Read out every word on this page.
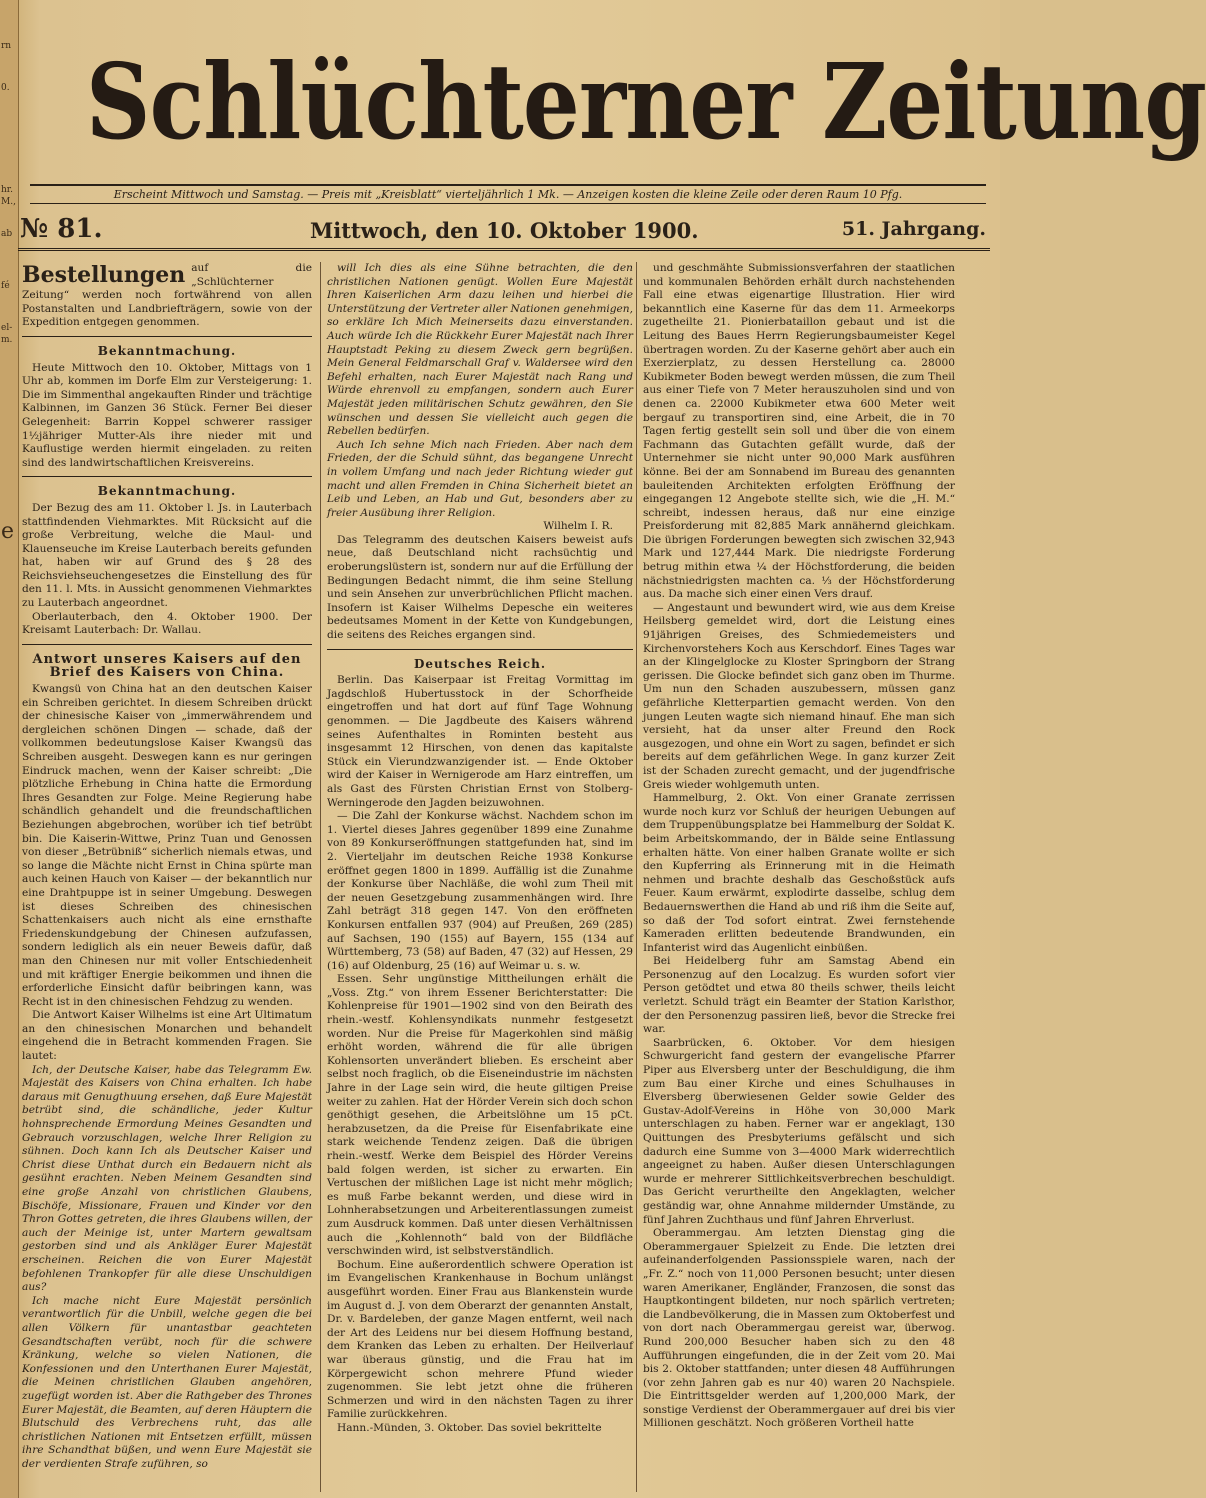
rn
0.
hr.
M.,
ab
fé
el-
m.
e
Schlüchterner Zeitung
Erscheint Mittwoch und Samstag. — Preis mit „Kreisblatt“ vierteljährlich 1 Mk. — Anzeigen kosten die kleine Zeile oder deren Raum 10 Pfg.
№ 81.	Mittwoch, den 10. Oktober 1900.	51. Jahrgang.
Bestellungen auf die „Schlüchterner Zeitung“ werden noch fortwährend von allen Postanstalten und Landbriefträgern, sowie von der Expedition entgegen genommen.
Bekanntmachung.

Heute Mittwoch den 10. Oktober, Mittags von 1 Uhr ab, kommen im Dorfe Elm zur Versteigerung: 1. Die im Simmenthal angekauften Rinder und trächtige Kalbinnen, im Ganzen 36 Stück. Ferner Bei dieser Gelegenheit: Barrin Koppel schwerer rassiger 1½jähriger Mutter-Als ihre nieder mit und Kauflustige werden hiermit eingeladen. zu reiten sind des landwirtschaftlichen Kreisvereins.

Bekanntmachung.

Der Bezug des am 11. Oktober l. Js. in Lauterbach stattfindenden Viehmarktes. Mit Rücksicht auf die große Verbreitung, welche die Maul- und Klauenseuche im Kreise Lauterbach bereits gefunden hat, haben wir auf Grund des § 28 des Reichsviehseuchengesetzes die Einstellung des für den 11. l. Mts. in Aussicht genommenen Viehmarktes zu Lauterbach angeordnet.

Oberlauterbach, den 4. Oktober 1900. Der Kreisamt Lauterbach: Dr. Wallau.

Antwort unseres Kaisers auf den Brief des Kaisers von China.

Kwangsü von China hat an den deutschen Kaiser ein Schreiben gerichtet. In diesem Schreiben drückt der chinesische Kaiser von „immerwährendem und dergleichen schönen Dingen — schade, daß der vollkommen bedeutungslose Kaiser Kwangsü das Schreiben ausgeht. Deswegen kann es nur geringen Eindruck machen, wenn der Kaiser schreibt: „Die plötzliche Erhebung in China hatte die Ermordung Ihres Gesandten zur Folge. Meine Regierung habe schändlich gehandelt und die freundschaftlichen Beziehungen abgebrochen, worüber ich tief betrübt bin. Die Kaiserin-Wittwe, Prinz Tuan und Genossen von dieser „Betrübniß“ sicherlich niemals etwas, und so lange die Mächte nicht Ernst in China spürte man auch keinen Hauch von Kaiser — der bekanntlich nur eine Drahtpuppe ist in seiner Umgebung. Deswegen ist dieses Schreiben des chinesischen Schattenkaisers auch nicht als eine ernsthafte Friedenskundgebung der Chinesen aufzufassen, sondern lediglich als ein neuer Beweis dafür, daß man den Chinesen nur mit voller Entschiedenheit und mit kräftiger Energie beikommen und ihnen die erforderliche Einsicht dafür beibringen kann, was Recht ist in den chinesischen Fehdzug zu wenden.

Die Antwort Kaiser Wilhelms ist eine Art Ultimatum an den chinesischen Monarchen und behandelt eingehend die in Betracht kommenden Fragen. Sie lautet:

Ich, der Deutsche Kaiser, habe das Telegramm Ew. Majestät des Kaisers von China erhalten. Ich habe daraus mit Genugthuung ersehen, daß Eure Majestät betrübt sind, die schändliche, jeder Kultur hohnsprechende Ermordung Meines Gesandten und Gebrauch vorzuschlagen, welche Ihrer Religion zu sühnen. Doch kann Ich als Deutscher Kaiser und Christ diese Unthat durch ein Bedauern nicht als gesühnt erachten. Neben Meinem Gesandten sind eine große Anzahl von christlichen Glaubens, Bischöfe, Missionare, Frauen und Kinder vor den Thron Gottes getreten, die ihres Glaubens willen, der auch der Meinige ist, unter Martern gewaltsam gestorben sind und als Ankläger Eurer Majestät erscheinen. Reichen die von Eurer Majestät befohlenen Trankopfer für alle diese Unschuldigen aus?

Ich mache nicht Eure Majestät persönlich verantwortlich für die Unbill, welche gegen die bei allen Völkern für unantastbar geachteten Gesandtschaften verübt, noch für die schwere Kränkung, welche so vielen Nationen, die Konfessionen und den Unterthanen Eurer Majestät, die Meinen christlichen Glauben angehören, zugefügt worden ist. Aber die Rathgeber des Thrones Eurer Majestät, die Beamten, auf deren Häuptern die Blutschuld des Verbrechens ruht, das alle christlichen Nationen mit Entsetzen erfüllt, müssen ihre Schandthat büßen, und wenn Eure Majestät sie der verdienten Strafe zuführen, so

will Ich dies als eine Sühne betrachten, die den christlichen Nationen genügt. Wollen Eure Majestät Ihren Kaiserlichen Arm dazu leihen und hierbei die Unterstützung der Vertreter aller Nationen genehmigen, so erkläre Ich Mich Meinerseits dazu einverstanden. Auch würde Ich die Rückkehr Eurer Majestät nach Ihrer Hauptstadt Peking zu diesem Zweck gern begrüßen. Mein General Feldmarschall Graf v. Waldersee wird den Befehl erhalten, nach Eurer Majestät nach Rang und Würde ehrenvoll zu empfangen, sondern auch Eurer Majestät jeden militärischen Schutz gewähren, den Sie wünschen und dessen Sie vielleicht auch gegen die Rebellen bedürfen.

Auch Ich sehne Mich nach Frieden. Aber nach dem Frieden, der die Schuld sühnt, das begangene Unrecht in vollem Umfang und nach jeder Richtung wieder gut macht und allen Fremden in China Sicherheit bietet an Leib und Leben, an Hab und Gut, besonders aber zu freier Ausübung ihrer Religion.

Wilhelm I. R.

Das Telegramm des deutschen Kaisers beweist aufs neue, daß Deutschland nicht rachsüchtig und eroberungslüstern ist, sondern nur auf die Erfüllung der Bedingungen Bedacht nimmt, die ihm seine Stellung und sein Ansehen zur unverbrüchlichen Pflicht machen. Insofern ist Kaiser Wilhelms Depesche ein weiteres bedeutsames Moment in der Kette von Kundgebungen, die seitens des Reiches ergangen sind.

Deutsches Reich.

Berlin. Das Kaiserpaar ist Freitag Vormittag im Jagdschloß Hubertusstock in der Schorfheide eingetroffen und hat dort auf fünf Tage Wohnung genommen. — Die Jagdbeute des Kaisers während seines Aufenthaltes in Rominten besteht aus insgesammt 12 Hirschen, von denen das kapitalste Stück ein Vierundzwanzigender ist. — Ende Oktober wird der Kaiser in Wernigerode am Harz eintreffen, um als Gast des Fürsten Christian Ernst von Stolberg-Werningerode den Jagden beizuwohnen.

— Die Zahl der Konkurse wächst. Nachdem schon im 1. Viertel dieses Jahres gegenüber 1899 eine Zunahme von 89 Konkurseröffnungen stattgefunden hat, sind im 2. Vierteljahr im deutschen Reiche 1938 Konkurse eröffnet gegen 1800 in 1899. Auffällig ist die Zunahme der Konkurse über Nachläße, die wohl zum Theil mit der neuen Gesetzgebung zusammenhängen wird. Ihre Zahl beträgt 318 gegen 147. Von den eröffneten Konkursen entfallen 937 (904) auf Preußen, 269 (285) auf Sachsen, 190 (155) auf Bayern, 155 (134 auf Württemberg, 73 (58) auf Baden, 47 (32) auf Hessen, 29 (16) auf Oldenburg, 25 (16) auf Weimar u. s. w.

Essen. Sehr ungünstige Mittheilungen erhält die „Voss. Ztg.“ von ihrem Essener Berichterstatter: Die Kohlenpreise für 1901—1902 sind von den Beirath des rhein.-westf. Kohlensyndikats nunmehr festgesetzt worden. Nur die Preise für Magerkohlen sind mäßig erhöht worden, während die für alle übrigen Kohlensorten unverändert blieben. Es erscheint aber selbst noch fraglich, ob die Eiseneindustrie im nächsten Jahre in der Lage sein wird, die heute giltigen Preise weiter zu zahlen. Hat der Hörder Verein sich doch schon genöthigt gesehen, die Arbeitslöhne um 15 pCt. herabzusetzen, da die Preise für Eisenfabrikate eine stark weichende Tendenz zeigen. Daß die übrigen rhein.-westf. Werke dem Beispiel des Hörder Vereins bald folgen werden, ist sicher zu erwarten. Ein Vertuschen der mißlichen Lage ist nicht mehr möglich; es muß Farbe bekannt werden, und diese wird in Lohnherabsetzungen und Arbeiterentlassungen zumeist zum Ausdruck kommen. Daß unter diesen Verhältnissen auch die „Kohlennoth“ bald von der Bildfläche verschwinden wird, ist selbstverständlich.

Bochum. Eine außerordentlich schwere Operation ist im Evangelischen Krankenhause in Bochum unlängst ausgeführt worden. Einer Frau aus Blankenstein wurde im August d. J. von dem Oberarzt der genannten Anstalt, Dr. v. Bardeleben, der ganze Magen entfernt, weil nach der Art des Leidens nur bei diesem Hoffnung bestand, dem Kranken das Leben zu erhalten. Der Heilverlauf war überaus günstig, und die Frau hat im Körpergewicht schon mehrere Pfund wieder zugenommen. Sie lebt jetzt ohne die früheren Schmerzen und wird in den nächsten Tagen zu ihrer Familie zurückkehren.

Hann.-Münden, 3. Oktober. Das soviel bekrittelte

und geschmähte Submissionsverfahren der staatlichen und kommunalen Behörden erhält durch nachstehenden Fall eine etwas eigenartige Illustration. Hier wird bekanntlich eine Kaserne für das dem 11. Armeekorps zugetheilte 21. Pionierbataillon gebaut und ist die Leitung des Baues Herrn Regierungsbaumeister Kegel übertragen worden. Zu der Kaserne gehört aber auch ein Exerzierplatz, zu dessen Herstellung ca. 28000 Kubikmeter Boden bewegt werden müssen, die zum Theil aus einer Tiefe von 7 Meter herauszuholen sind und von denen ca. 22000 Kubikmeter etwa 600 Meter weit bergauf zu transportiren sind, eine Arbeit, die in 70 Tagen fertig gestellt sein soll und über die von einem Fachmann das Gutachten gefällt wurde, daß der Unternehmer sie nicht unter 90,000 Mark ausführen könne. Bei der am Sonnabend im Bureau des genannten bauleitenden Architekten erfolgten Eröffnung der eingegangen 12 Angebote stellte sich, wie die „H. M.“ schreibt, indessen heraus, daß nur eine einzige Preisforderung mit 82,885 Mark annähernd gleichkam. Die übrigen Forderungen bewegten sich zwischen 32,943 Mark und 127,444 Mark. Die niedrigste Forderung betrug mithin etwa ¼ der Höchstforderung, die beiden nächstniedrigsten machten ca. ⅓ der Höchstforderung aus. Da mache sich einer einen Vers drauf.

— Angestaunt und bewundert wird, wie aus dem Kreise Heilsberg gemeldet wird, dort die Leistung eines 91jährigen Greises, des Schmiedemeisters und Kirchenvorstehers Koch aus Kerschdorf. Eines Tages war an der Klingelglocke zu Kloster Springborn der Strang gerissen. Die Glocke befindet sich ganz oben im Thurme. Um nun den Schaden auszubessern, müssen ganz gefährliche Kletterpartien gemacht werden. Von den jungen Leuten wagte sich niemand hinauf. Ehe man sich versieht, hat da unser alter Freund den Rock ausgezogen, und ohne ein Wort zu sagen, befindet er sich bereits auf dem gefährlichen Wege. In ganz kurzer Zeit ist der Schaden zurecht gemacht, und der jugendfrische Greis wieder wohlgemuth unten.

Hammelburg, 2. Okt. Von einer Granate zerrissen wurde noch kurz vor Schluß der heurigen Uebungen auf dem Truppenübungsplatze bei Hammelburg der Soldat K. beim Arbeitskommando, der in Bälde seine Entlassung erhalten hätte. Von einer halben Granate wollte er sich den Kupferring als Erinnerung mit in die Heimath nehmen und brachte deshalb das Geschoßstück aufs Feuer. Kaum erwärmt, explodirte dasselbe, schlug dem Bedauernswerthen die Hand ab und riß ihm die Seite auf, so daß der Tod sofort eintrat. Zwei fernstehende Kameraden erlitten bedeutende Brandwunden, ein Infanterist wird das Augenlicht einbüßen.

Bei Heidelberg fuhr am Samstag Abend ein Personenzug auf den Localzug. Es wurden sofort vier Person getödtet und etwa 80 theils schwer, theils leicht verletzt. Schuld trägt ein Beamter der Station Karlsthor, der den Personenzug passiren ließ, bevor die Strecke frei war.

Saarbrücken, 6. Oktober. Vor dem hiesigen Schwurgericht fand gestern der evangelische Pfarrer Piper aus Elversberg unter der Beschuldigung, die ihm zum Bau einer Kirche und eines Schulhauses in Elversberg überwiesenen Gelder sowie Gelder des Gustav-Adolf-Vereins in Höhe von 30,000 Mark unterschlagen zu haben. Ferner war er angeklagt, 130 Quittungen des Presbyteriums gefälscht und sich dadurch eine Summe von 3—4000 Mark widerrechtlich angeeignet zu haben. Außer diesen Unterschlagungen wurde er mehrerer Sittlichkeitsverbrechen beschuldigt. Das Gericht verurtheilte den Angeklagten, welcher geständig war, ohne Annahme mildernder Umstände, zu fünf Jahren Zuchthaus und fünf Jahren Ehrverlust.

Oberammergau. Am letzten Dienstag ging die Oberammergauer Spielzeit zu Ende. Die letzten drei aufeinanderfolgenden Passionsspiele waren, nach der „Fr. Z.“ noch von 11,000 Personen besucht; unter diesen waren Amerikaner, Engländer, Franzosen, die sonst das Hauptkontingent bildeten, nur noch spärlich vertreten; die Landbevölkerung, die in Massen zum Oktoberfest und von dort nach Oberammergau gereist war, überwog. Rund 200,000 Besucher haben sich zu den 48 Aufführungen eingefunden, die in der Zeit vom 20. Mai bis 2. Oktober stattfanden; unter diesen 48 Aufführungen (vor zehn Jahren gab es nur 40) waren 20 Nachspiele. Die Eintrittsgelder werden auf 1,200,000 Mark, der sonstige Verdienst der Oberammergauer auf drei bis vier Millionen geschätzt. Noch größeren Vortheil hatte
